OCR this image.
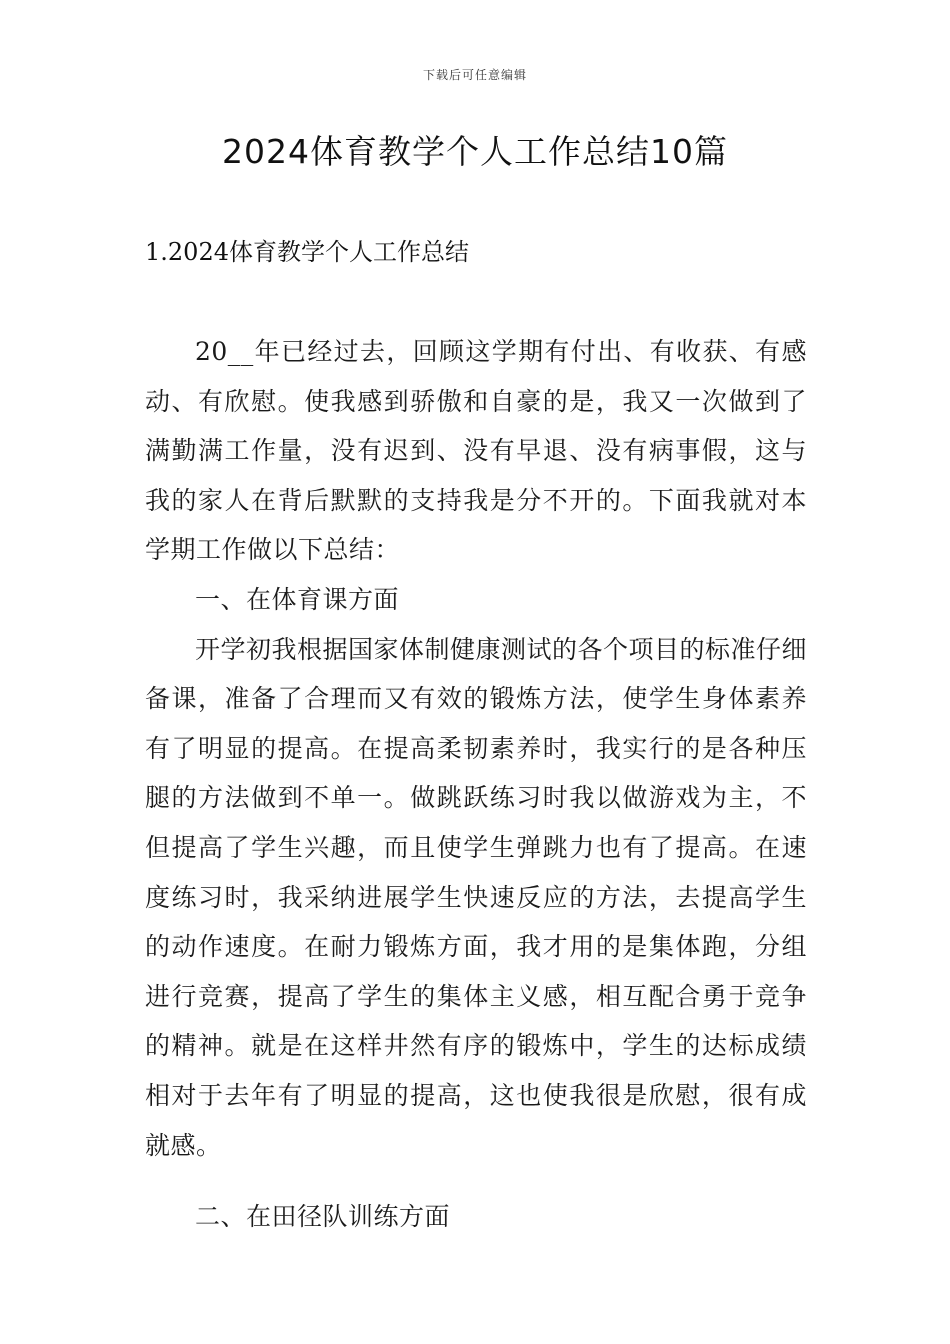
下载后可任意编辑
2024体育教学个人工作总结10篇
1.2024体育教学个人工作总结

20__年已经过去，回顾这学期有付出、有收获、有感动、有欣慰。使我感到骄傲和自豪的是，我又一次做到了满勤满工作量，没有迟到、没有早退、没有病事假，这与我的家人在背后默默的支持我是分不开的。下面我就对本学期工作做以下总结：

一、在体育课方面

开学初我根据国家体制健康测试的各个项目的标准仔细备课，准备了合理而又有效的锻炼方法，使学生身体素养有了明显的提高。在提高柔韧素养时，我实行的是各种压腿的方法做到不单一。做跳跃练习时我以做游戏为主，不但提高了学生兴趣，而且使学生弹跳力也有了提高。在速度练习时，我采纳进展学生快速反应的方法，去提高学生的动作速度。在耐力锻炼方面，我才用的是集体跑，分组进行竞赛，提高了学生的集体主义感，相互配合勇于竞争的精神。就是在这样井然有序的锻炼中，学生的达标成绩相对于去年有了明显的提高，这也使我很是欣慰，很有成就感。

二、在田径队训练方面
